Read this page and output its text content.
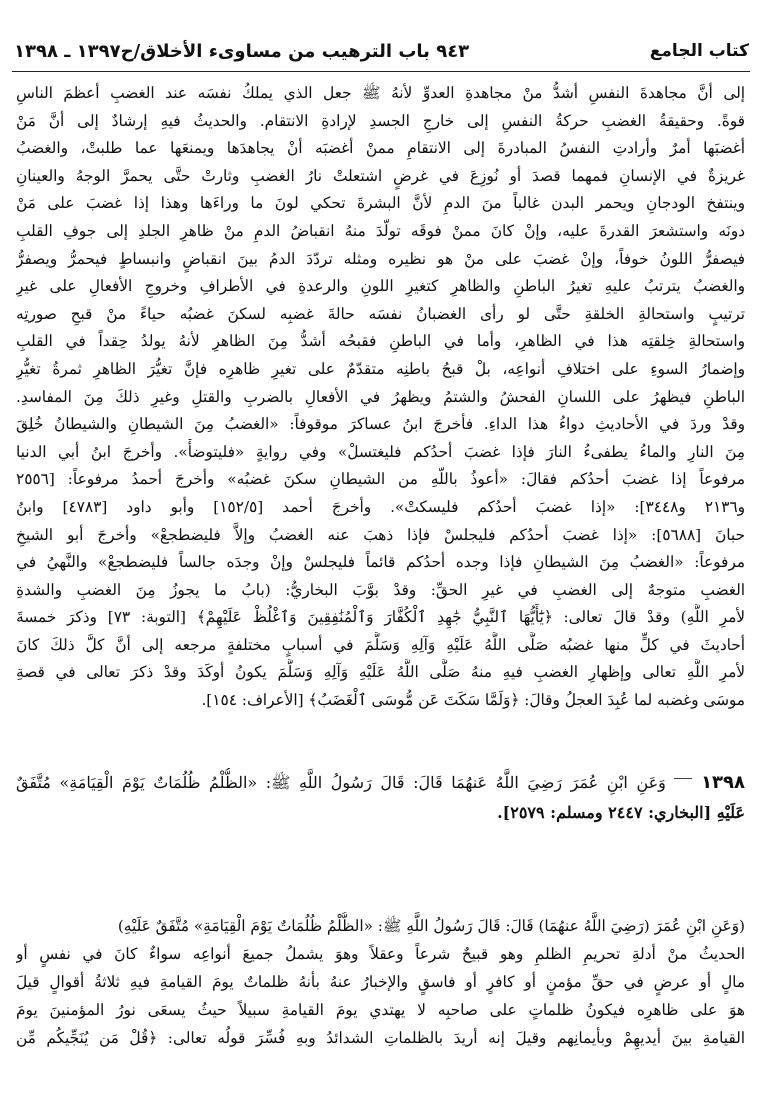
كتاب الجامع
٩٤٣ باب الترهيب من مساوىء الأخلاق/ح١٣٩٧ ـ ١٣٩٨
إلى أنَّ مجاهدةَ النفسِ أشدُّ منْ مجاهدةِ العدوِّ لأنهُ ﷺ جعل الذي يملكُ نفسَه عند الغضبِ أعظمَ الناسِ
قوةً. وحقيقةُ الغضبِ حركةُ النفسِ إلى خارجِ الجسدِ لإرادةِ الانتقام. والحديثُ فيهِ إرشادٌ إلى أنَّ مَنْ
أغضبَها أمرٌ وأرادتِ النفسُ المبادرةَ إلى الانتقامِ ممنْ أغضبَه أنْ يجاهدَها ويمنعَها عما طلبتْ، والغضبُ
غريزةٌ في الإنسانِ فمهما قصدَ أو نُوزِعَ في غرضٍ اشتعلتْ نارُ الغضبِ وثارتْ حتَّى يحمرَّ الوجهُ والعينانِ
وينتفخ الودجانِ ويحمر البدن غالباً منَ الدمِ لأنَّ البشرةَ تحكي لونَ ما وراءَها وهذا إذا غضبَ على مَنْ
دونَه واستشعرَ القدرةَ عليه، وإنْ كانَ ممنْ فوقَه تولّدَ منهُ انقباضُ الدمِ منْ ظاهرِ الجلدِ إلى جوفِ القلبِ
فيصفرُّ اللونُ خوفاً، وإنْ غضبَ على منْ هو نظيره ومثله تردّدَ الدمُ بينَ انقباضٍ وانبساطٍ فيحمرُّ ويصفرُّ
والغضبُ يترتبُ عليهِ تغيرُ الباطنِ والظاهرِ كتغيرِ اللونِ والرعدةِ في الأطرافِ وخروجِ الأفعالِ على غيرِ
ترتيبٍ واستحالةِ الخلقةِ حتَّى لو رأى الغضبانُ نفسَه حالةَ غضبِه لسكنَ غضبُه حياءً منْ قبحِ صورتِه
واستحالةِ خِلقتِه هذا في الظاهرِ، وأما في الباطنِ فقبحُه أشدُّ مِنَ الظاهرِ لأنهُ يولدُ حِقداً في القلبِ
وإضمارُ السوءِ على اختلافِ أنواعِه، بلْ قبحُ باطنِه متقدّمٌ على تغيرِ ظاهرِه فإنَّ تغيُّرَ الظاهرِ ثمرةُ تغيُّرِ
الباطنِ فيظهرُ على اللسانِ الفحشُ والشتمُ ويظهرُ في الأفعالِ بالضربِ والقتلِ وغيرِ ذلكَ مِنَ المفاسدِ.
وقدْ وردَ في الأحاديثِ دواءُ هذا الداءِ. فأخرجَ ابنُ عساكرَ موقوفاً: «الغضبُ مِنَ الشيطانِ والشيطانُ خُلِقَ
مِنَ النارِ والماءُ يطفىءُ النارَ فإذا غضبَ أحدُكم فليغتسلْ» وفي روايةٍ «فليتوضأْ». وأخرجَ ابنُ أبي الدنيا
مرفوعاً إذا غضبَ أحدُكم فقالَ: «أعوذُ باللّهِ من الشيطانِ سكنَ غضبُه» وأخرجَ أحمدُ مرفوعاً: [٢٥٥٦
و٢١٣٦ و٣٤٤٨]: «إذا غضبَ أحدُكم فليسكتْ». وأخرجَ أحمد [١٥٢/٥] وأبو داود [٤٧٨٣] وابنُ
حبانَ [٥٦٨٨]: «إذا غضبَ أحدُكم فليجلسْ فإذا ذهبَ عنه الغضبُ وإلاَّ فليضطجعْ» وأخرجَ أبو الشيخِ
مرفوعاً: «الغضبُ مِنَ الشيطانِ فإذا وجده أحدُكم قائماً فليجلسْ وإنْ وجدَه جالساً فليضطجعْ» والنَّهيُ في
الغضبِ متوجهٌ إلى الغضبِ في غيرِ الحقِّ: وقدْ بوَّبَ البخاريُّ: (بابُ ما يجوزُ مِنَ الغضبِ والشدةِ
لأمرِ اللَّهِ) وقدْ قالَ تعالى: ﴿يَٰٓأَيُّهَا ٱلنَّبِيُّ جَٰهِدِ ٱلْكُفَّارَ وَٱلْمُنَٰفِقِينَ وَٱغْلُظْ عَلَيْهِمْ﴾ [التوبة: ٧٣] وذكرَ خمسةَ
أحاديثَ في كلٍّ منها غضبُه صَلَّى اللَّهُ عَلَيْهِ وَآلِهِ وَسَلَّمَ في أسبابٍ مختلفةٍ مرجعه إلى أنَّ كلَّ ذلكَ كانَ
لأمرِ اللَّهِ تعالى وإظهارِ الغضبِ فيهِ منهُ صَلَّى اللَّهُ عَلَيْهِ وَآلِهِ وَسَلَّمَ يكونُ أوكَدَ وقدْ ذكرَ تعالى في قصةِ
موسَى وغضبه لما عُبِدَ العجلُ وقالَ: ﴿وَلَمَّا سَكَتَ عَن مُّوسَى ٱلْغَضَبُ﴾ [الأعراف: ١٥٤].
١٣٩٨  وَعَنِ ابْنِ عُمَرَ رَضِيَ اللَّهُ عَنهُمَا قَالَ: قَالَ رَسُولُ اللَّهِ ﷺ: «الظُّلْمُ ظُلُمَاتٌ يَوْمَ الْقِيَامَةِ» مُتَّفَقٌ
عَلَيْهِ [البخاري: ٢٤٤٧ ومسلم: ٢٥٧٩].
(وَعَنِ ابْنِ عُمَرَ (رَضِيَ اللَّهُ عنهُمَا) قَالَ: قَالَ رَسُولُ اللَّهِ ﷺ: «الظُّلْمُ ظُلُمَاتٌ يَوْمَ الْقِيَامَةِ» مُتَّفَقٌ عَلَيْهِ)
الحديثُ منْ أدلةِ تحريمِ الظلمِ وهو قبيحٌ شرعاً وعقلاً وهوَ يشملُ جميعَ أنواعِه سواءٌ كانَ في نفسٍ أو
مالٍ أو عرضٍ في حقِّ مؤمنٍ أو كافرٍ أو فاسقٍ والإخبارُ عنهُ بأنهُ ظلماتٌ يومَ القيامةِ فيهِ ثلاثةُ أقوالٍ قيلَ
هوَ على ظاهرِه فيكونُ ظلماتٍ على صاحبِه لا يهتدي يومَ القيامةِ سبيلاً حيثُ يسعَى نورُ المؤمنينَ يومَ
القيامةِ بينَ أيديهِمْ وبأيمانِهم وقيلَ إنه أريدَ بالظلماتِ الشدائدُ وبهِ فُسِّرَ قولُه تعالى: ﴿قُلْ مَن يُنَجِّيكُم مِّن
